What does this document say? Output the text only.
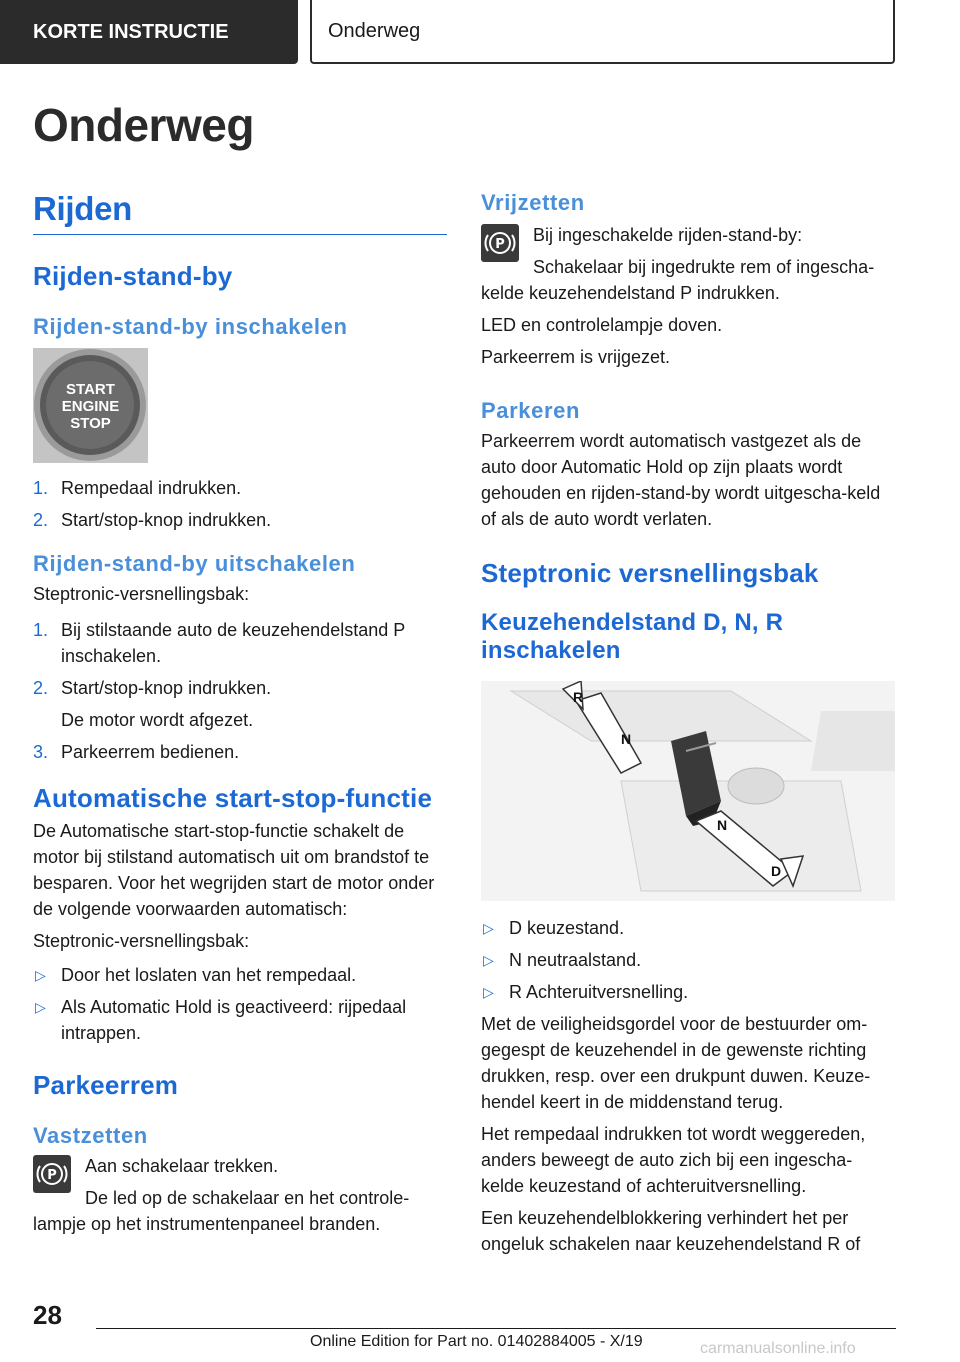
KORTE INSTRUCTIE	Onderweg
Onderweg
Rijden
Rijden-stand-by
Rijden-stand-by inschakelen
START
ENGINE
STOP
1. Rempedaal indrukken.
2. Start/stop-knop indrukken.
Rijden-stand-by uitschakelen

Steptronic-versnellingsbak:

1. Bij stilstaande auto de keuzehendelstand P inschakelen.
2. Start/stop-knop indrukken.
De motor wordt afgezet.
3. Parkeerrem bedienen.
Automatische start-stop-functie

De Automatische start-stop-functie schakelt de motor bij stilstand automatisch uit om brandstof te besparen. Voor het wegrijden start de motor onder de volgende voorwaarden automatisch:

Steptronic-versnellingsbak:

▷ Door het loslaten van het rempedaal.
▷ Als Automatic Hold is geactiveerd: rijpedaal intrappen.
Parkeerrem
Vastzetten
P	Aan schakelaar trekken.

De led op de schakelaar en het controle-lampje op het instrumentenpaneel branden.

Vrijzetten
P	Bij ingeschakelde rijden-stand-by:

Schakelaar bij ingedrukte rem of ingescha-kelde keuzehendelstand P indrukken.

LED en controlelampje doven.

Parkeerrem is vrijgezet.

Parkeren

Parkeerrem wordt automatisch vastgezet als de auto door Automatic Hold op zijn plaats wordt gehouden en rijden-stand-by wordt uitgescha-keld of als de auto wordt verlaten.

Steptronic versnellingsbak
Keuzehendelstand D, N, R inschakelen
R
N
N
D
▷ D keuzestand.
▷ N neutraalstand.
▷ R Achteruitversnelling.

Met de veiligheidsgordel voor de bestuurder om-gegespt de keuzehendel in de gewenste richting drukken, resp. over een drukpunt duwen. Keuze-hendel keert in de middenstand terug.

Het rempedaal indrukken tot wordt weggereden, anders beweegt de auto zich bij een ingescha-kelde keuzestand of achteruitversnelling.

Een keuzehendelblokkering verhindert het per ongeluk schakelen naar keuzehendelstand R of

28
Online Edition for Part no. 01402884005 - X/19	carmanualsonline.info
